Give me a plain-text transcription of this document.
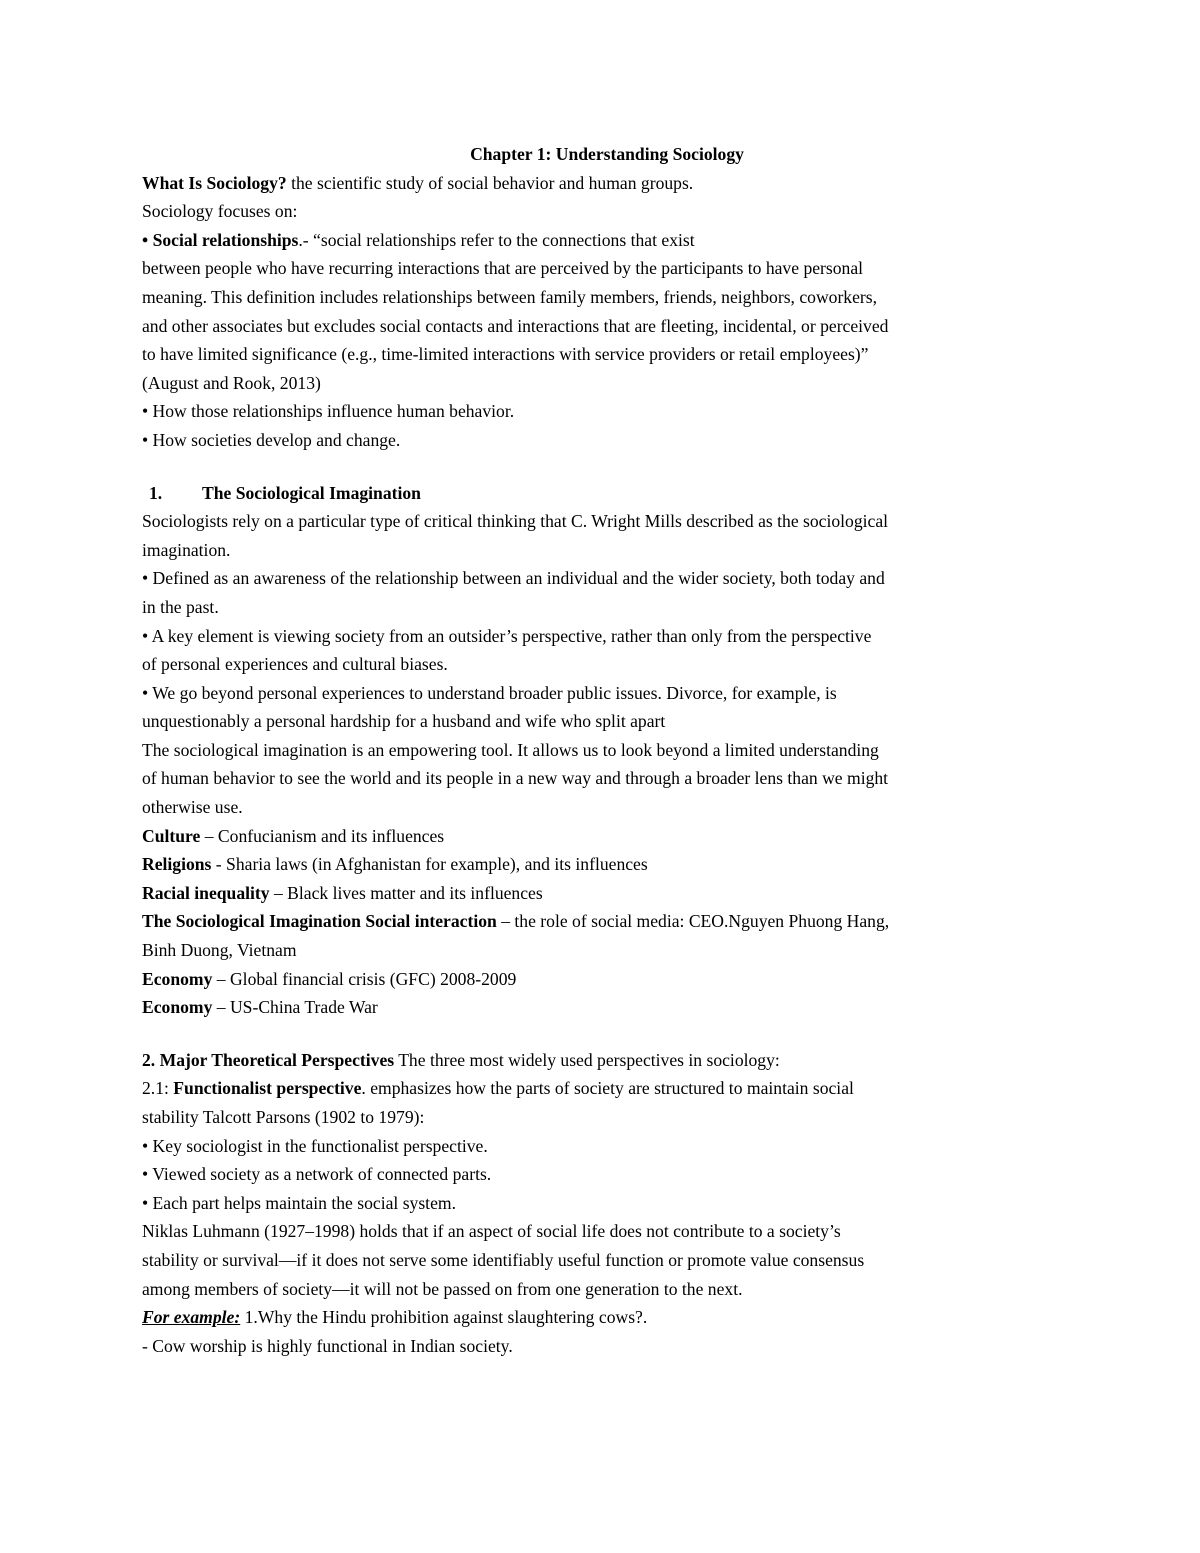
Chapter 1: Understanding Sociology

What Is Sociology? the scientific study of social behavior and human groups.

Sociology focuses on:

• Social relationships.- “social relationships refer to the connections that exist

between people who have recurring interactions that are perceived by the participants to have personal

meaning. This definition includes relationships between family members, friends, neighbors, coworkers,

and other associates but excludes social contacts and interactions that are fleeting, incidental, or perceived

to have limited significance (e.g., time-limited interactions with service providers or retail employees)”

(August and Rook, 2013)

• How those relationships influence human behavior.

• How societies develop and change.

1. The Sociological Imagination

Sociologists rely on a particular type of critical thinking that C. Wright Mills described as the sociological

imagination.

• Defined as an awareness of the relationship between an individual and the wider society, both today and

in the past.

• A key element is viewing society from an outsider’s perspective, rather than only from the perspective

of personal experiences and cultural biases.

• We go beyond personal experiences to understand broader public issues. Divorce, for example, is

unquestionably a personal hardship for a husband and wife who split apart

The sociological imagination is an empowering tool. It allows us to look beyond a limited understanding

of human behavior to see the world and its people in a new way and through a broader lens than we might

otherwise use.

Culture – Confucianism and its influences

Religions - Sharia laws (in Afghanistan for example), and its influences

Racial inequality – Black lives matter and its influences

The Sociological Imagination Social interaction – the role of social media: CEO.Nguyen Phuong Hang,

Binh Duong, Vietnam

Economy – Global financial crisis (GFC) 2008-2009

Economy – US-China Trade War

2. Major Theoretical Perspectives The three most widely used perspectives in sociology:

2.1: Functionalist perspective. emphasizes how the parts of society are structured to maintain social

stability Talcott Parsons (1902 to 1979):

• Key sociologist in the functionalist perspective.

• Viewed society as a network of connected parts.

• Each part helps maintain the social system.

Niklas Luhmann (1927–1998) holds that if an aspect of social life does not contribute to a society’s

stability or survival—if it does not serve some identifiably useful function or promote value consensus

among members of society—it will not be passed on from one generation to the next.

For example: 1.Why the Hindu prohibition against slaughtering cows?.

- Cow worship is highly functional in Indian society.
